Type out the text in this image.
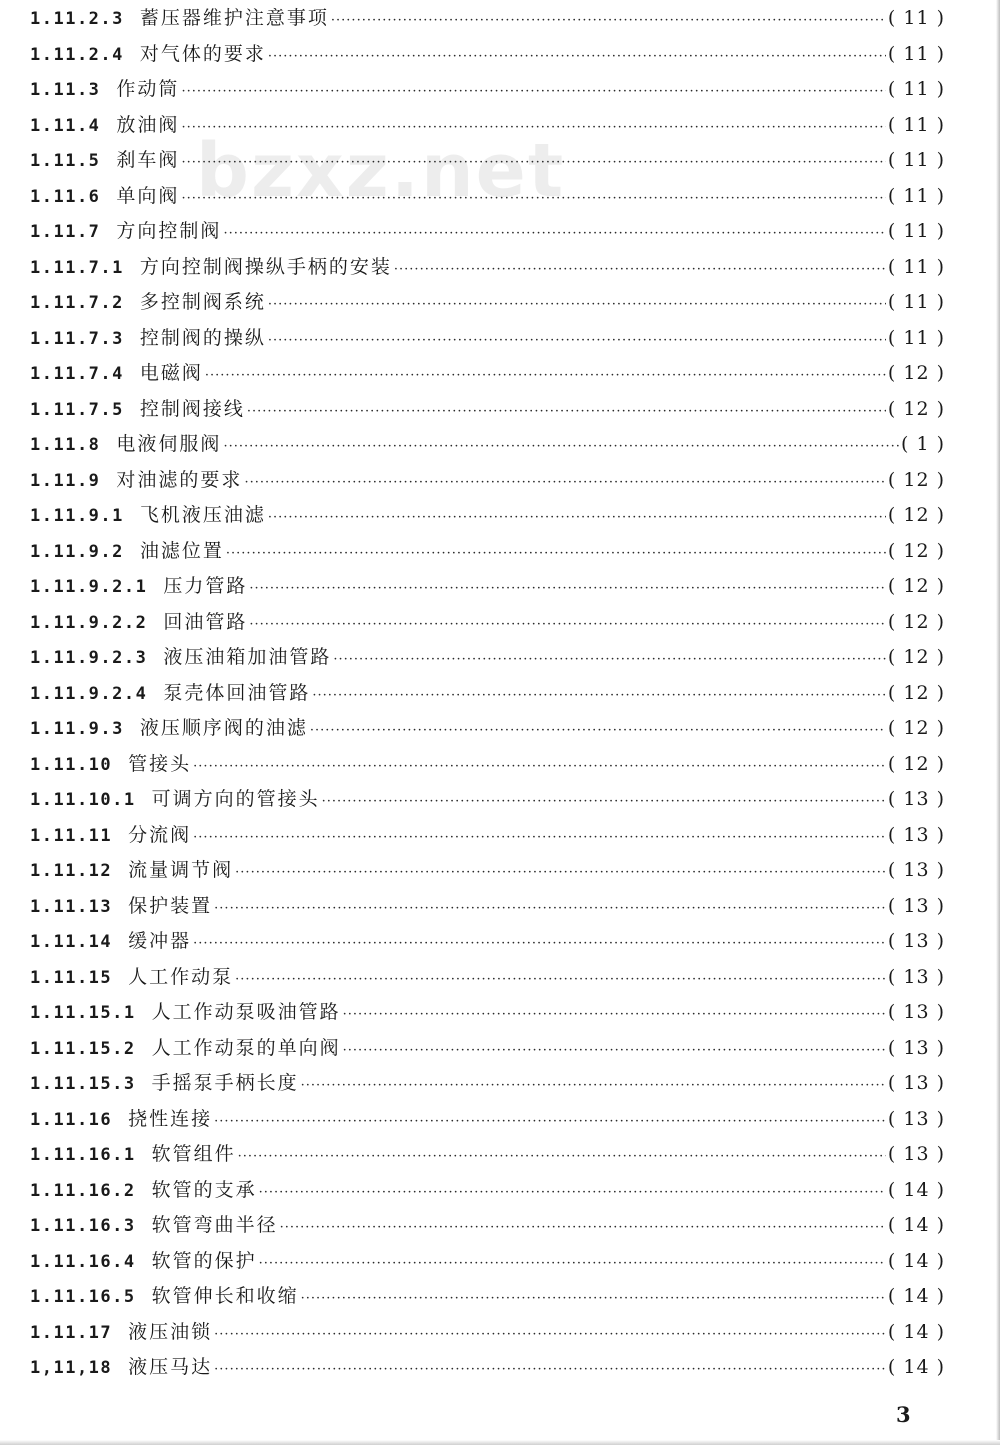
bzxz.net
1.11.2.3 蓄压器维护注意事项 ·····	( 11 )
1.11.2.4 对气体的要求 ·····	( 11 )
1.11.3 作动筒 ·····	( 11 )
1.11.4 放油阀 ·····	( 11 )
1.11.5 刹车阀 ·····	( 11 )
1.11.6 单向阀 ·····	( 11 )
1.11.7 方向控制阀 ·····	( 11 )
1.11.7.1 方向控制阀操纵手柄的安装 ·····	( 11 )
1.11.7.2 多控制阀系统 ·····	( 11 )
1.11.7.3 控制阀的操纵 ·····	( 11 )
1.11.7.4 电磁阀 ·····	( 12 )
1.11.7.5 控制阀接线 ·····	( 12 )
1.11.8 电液伺服阀 ·····	( 1 )
1.11.9 对油滤的要求 ·····	( 12 )
1.11.9.1 飞机液压油滤 ·····	( 12 )
1.11.9.2 油滤位置 ·····	( 12 )
1.11.9.2.1 压力管路 ·····	( 12 )
1.11.9.2.2 回油管路 ·····	( 12 )
1.11.9.2.3 液压油箱加油管路 ·····	( 12 )
1.11.9.2.4 泵壳体回油管路 ·····	( 12 )
1.11.9.3 液压顺序阀的油滤 ·····	( 12 )
1.11.10 管接头 ·····	( 12 )
1.11.10.1 可调方向的管接头 ·····	( 13 )
1.11.11 分流阀 ·····	( 13 )
1.11.12 流量调节阀 ·····	( 13 )
1.11.13 保护装置 ·····	( 13 )
1.11.14 缓冲器 ·····	( 13 )
1.11.15 人工作动泵 ·····	( 13 )
1.11.15.1 人工作动泵吸油管路 ·····	( 13 )
1.11.15.2 人工作动泵的单向阀 ·····	( 13 )
1.11.15.3 手摇泵手柄长度 ·····	( 13 )
1.11.16 挠性连接 ·····	( 13 )
1.11.16.1 软管组件 ·····	( 13 )
1.11.16.2 软管的支承 ·····	( 14 )
1.11.16.3 软管弯曲半径 ·····	( 14 )
1.11.16.4 软管的保护 ·····	( 14 )
1.11.16.5 软管伸长和收缩 ·····	( 14 )
1.11.17 液压油锁 ·····	( 14 )
1,11,18 液压马达 ·····	( 14 )
3
